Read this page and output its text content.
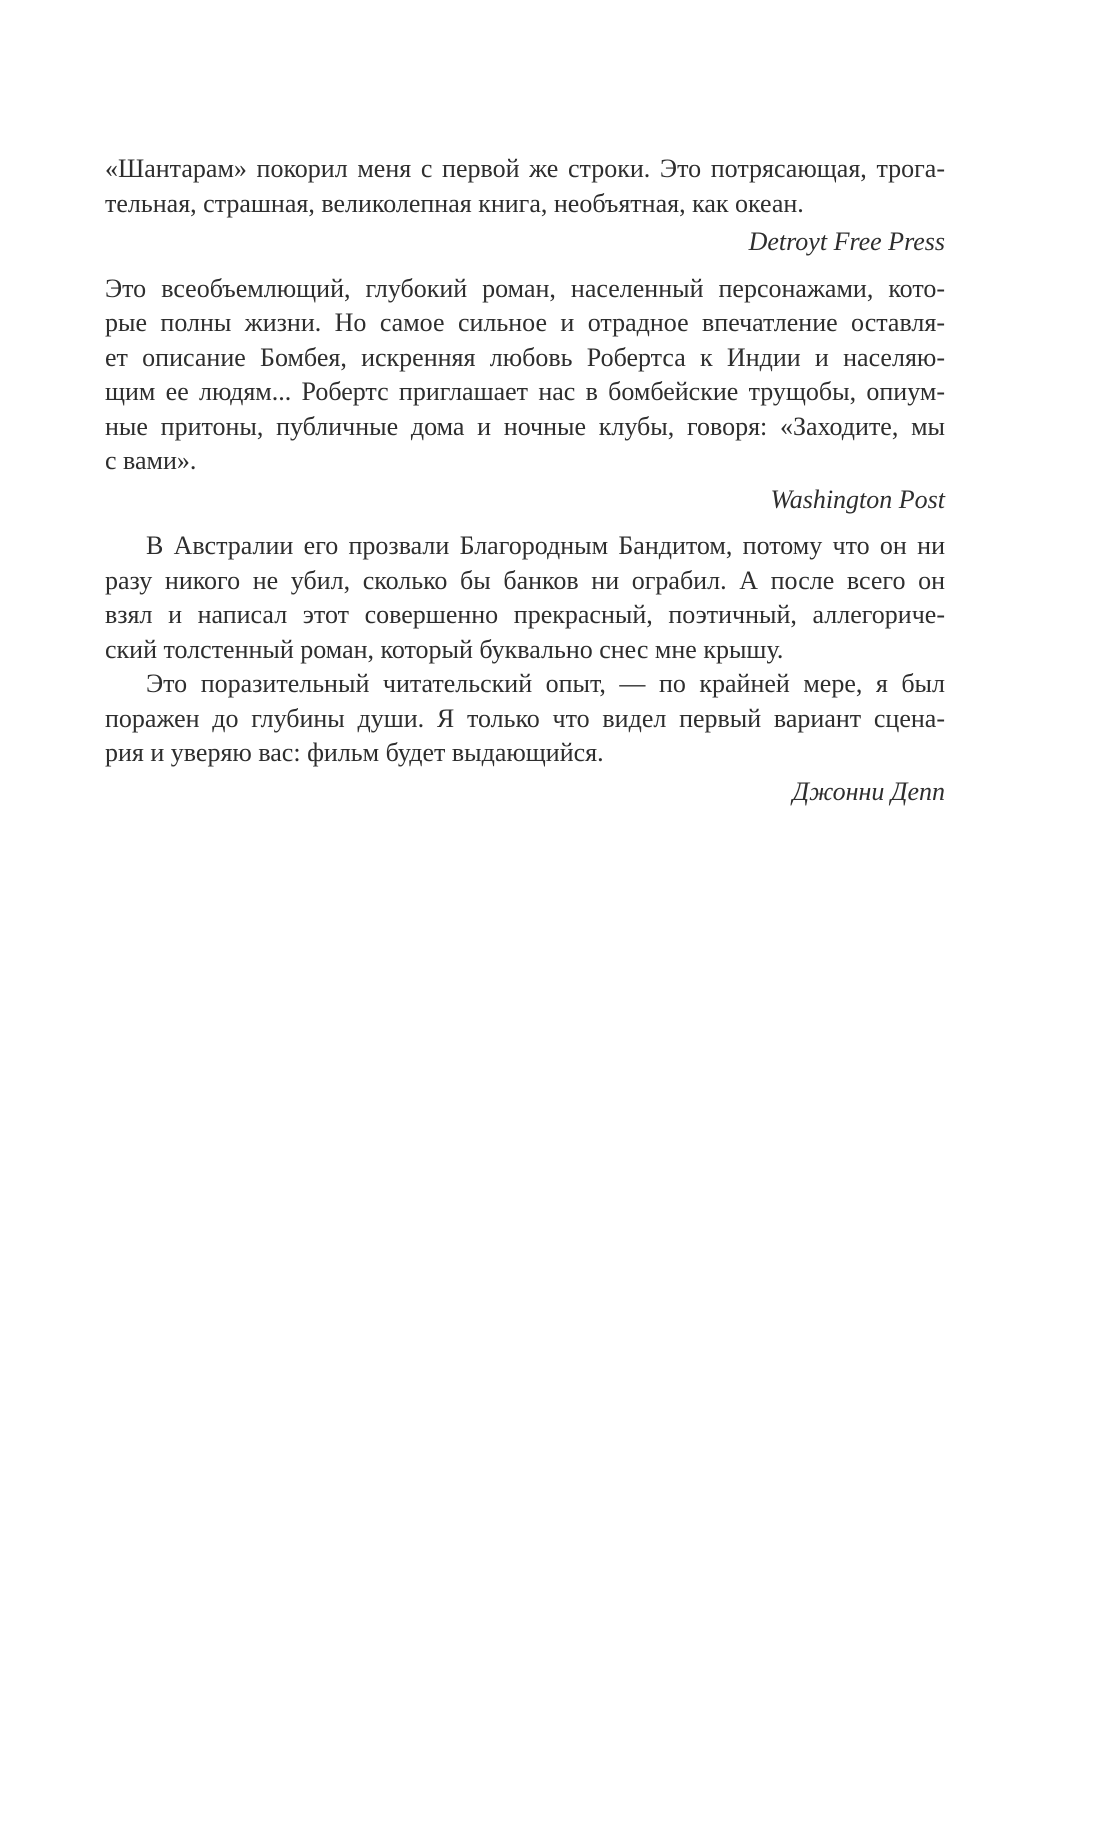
«Шантарам» покорил меня с первой же строки. Это потрясающая, трога-
тельная, страшная, великолепная книга, необъятная, как океан.
Detroyt Free Press
Это всеобъемлющий, глубокий роман, населенный персонажами, кото-
рые полны жизни. Но самое сильное и отрадное впечатление оставля-
ет описание Бомбея, искренняя любовь Робертса к Индии и населяю-
щим ее людям... Робертс приглашает нас в бомбейские трущобы, опиум-
ные притоны, публичные дома и ночные клубы, говоря: «Заходите, мы
с вами».
Washington Post
В Австралии его прозвали Благородным Бандитом, потому что он ни
разу никого не убил, сколько бы банков ни ограбил. А после всего он
взял и написал этот совершенно прекрасный, поэтичный, аллегориче-
ский толстенный роман, который буквально снес мне крышу.
Это поразительный читательский опыт, — по крайней мере, я был
поражен до глубины души. Я только что видел первый вариант сцена-
рия и уверяю вас: фильм будет выдающийся.
Джонни Депп
